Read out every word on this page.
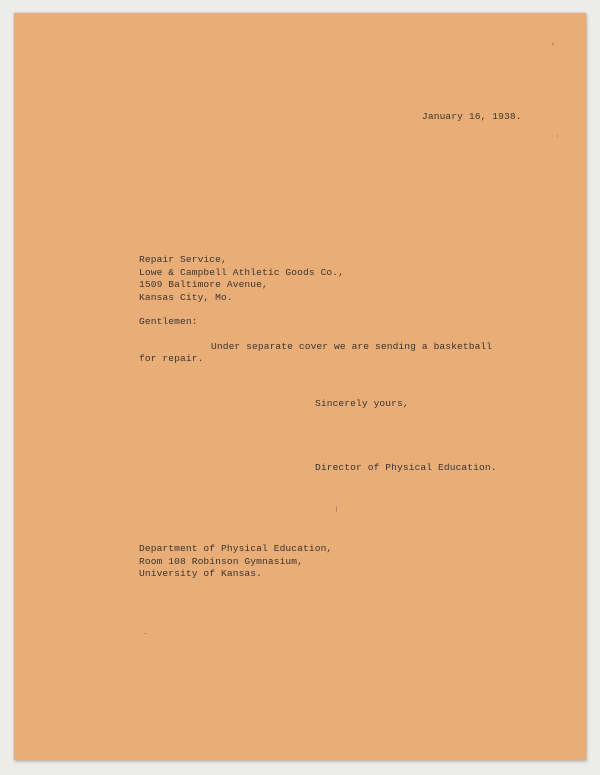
January 16, 1938.

Repair Service,

Lowe & Campbell Athletic Goods Co.,

1509 Baltimore Avenue,

Kansas City, Mo.

Gentlemen:

Under separate cover we are sending a basketball

for repair.

Sincerely yours,

Director of Physical Education.

Department of Physical Education,

Room 108 Robinson Gymnasium,

University of Kansas.
